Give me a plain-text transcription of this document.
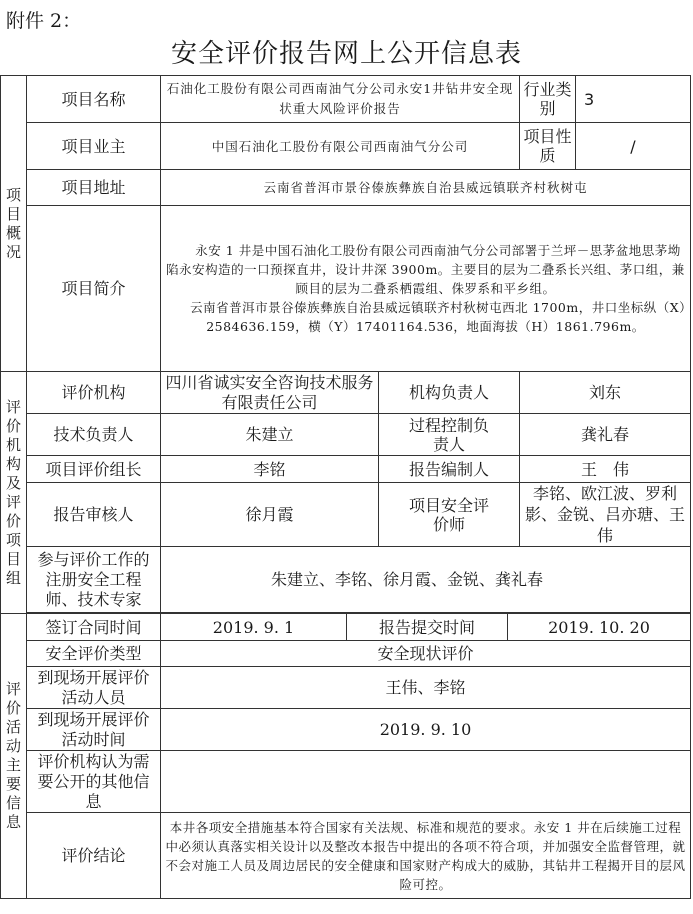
附件 2：
安全评价报告网上公开信息表
项目概况	项目名称	石油化工股份有限公司西南油气分公司永安1井钻井安全现状重大风险评价报告		行业类别 3

	项目业主	中国石油化工股份有限公司西南油气分公司		项目性质 /

	项目地址	云南省普洱市景谷傣族彝族自治县威远镇联齐村秋树屯		
	项目简介	永安 1 井是中国石油化工股份有限公司西南油气分公司部署于兰坪－思茅盆地思茅坳陷永安构造的一口预探直井，设计井深 3900m。主要目的层为二叠系长兴组、茅口组，兼顾目的层为二叠系栖霞组、侏罗系和平乡组。

云南省普洱市景谷傣族彝族自治县威远镇联齐村秋树屯西北 1700m，井口坐标纵（X）2584636.159，横（Y）17401164.536，地面海拔（H）1861.796m。		

评价机构及评价项目组	评价机构	四川省诚实安全咨询技术服务有限责任公司	机构负责人	刘东
	技术负责人	朱建立	过程控制负责人	龚礼春
	项目评价组长	李铭	报告编制人	王　伟
	报告审核人	徐月霞	项目安全评价师	李铭、欧江波、罗利影、金锐、吕亦瑭、王伟
	参与评价工作的注册安全工程师、技术专家	朱建立、李铭、徐月霞、金锐、龚礼春		

评价活动主要信息	签订合同时间	2019. 9. 1 报告提交时间 2019. 10. 20		

	安全评价类型	安全现状评价		
	到现场开展评价活动人员	王伟、李铭		
	到现场开展评价活动时间	2019. 9. 10		
	评价机构认为需要公开的其他信息			
	评价结论	本井各项安全措施基本符合国家有关法规、标准和规范的要求。永安 1 井在后续施工过程中必须认真落实相关设计以及整改本报告中提出的各项不符合项，并加强安全监督管理，就不会对施工人员及周边居民的安全健康和国家财产构成大的威胁，其钻井工程揭开目的层风险可控。		
